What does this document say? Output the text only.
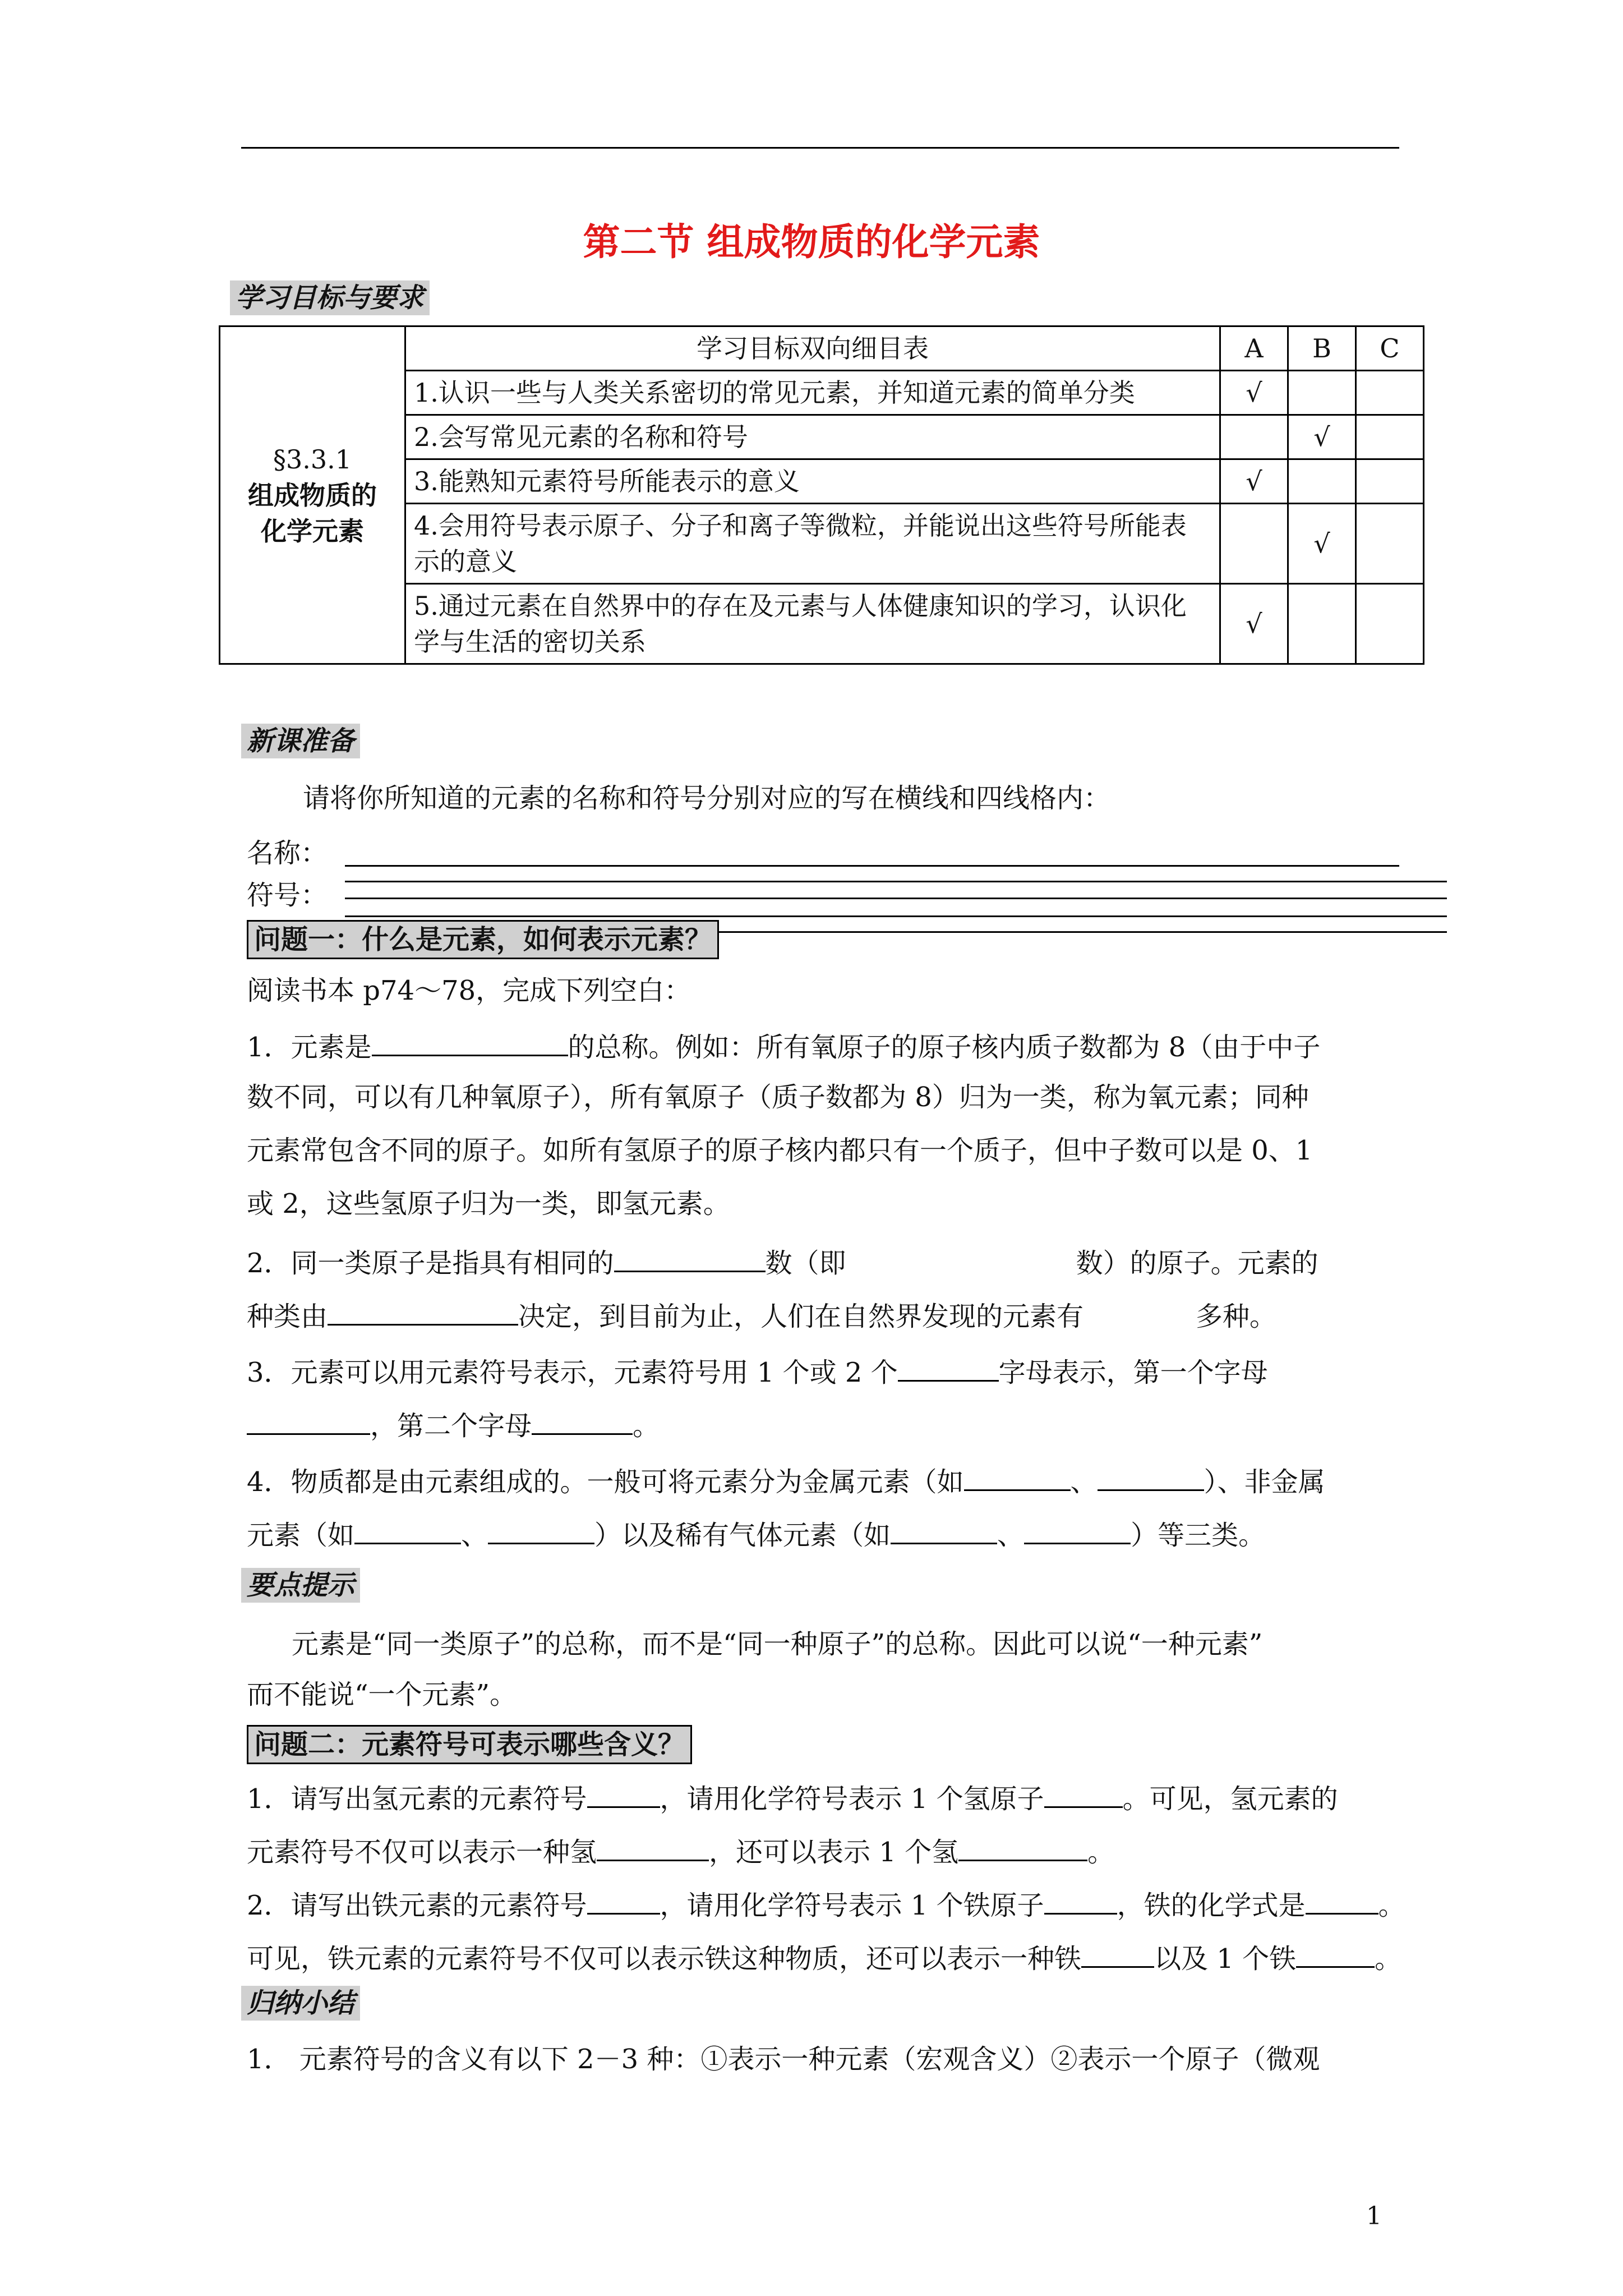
第二节 组成物质的化学元素
学习目标与要求
§3.3.1
组成物质的
化学元素	学习目标双向细目表	A	B	C
	1.认识一些与人类关系密切的常见元素，并知道元素的简单分类	√		
	2.会写常见元素的名称和符号		√	
	3.能熟知元素符号所能表示的意义	√		
	4.会用符号表示原子、分子和离子等微粒，并能说出这些符号所能表示的意义		√	
	5.通过元素在自然界中的存在及元素与人体健康知识的学习，认识化学与生活的密切关系	√		
新课准备
请将你所知道的元素的名称和符号分别对应的写在横线和四线格内：
名称：
符号：
问题一：什么是元素，如何表示元素？
阅读书本 p74～78，完成下列空白：
1．元素是	的总称。例如：所有氧原子的原子核内质子数都为 8（由于中子
数不同，可以有几种氧原子），所有氧原子（质子数都为 8）归为一类，称为氧元素；同种
元素常包含不同的原子。如所有氢原子的原子核内都只有一个质子，但中子数可以是 0、1
或 2，这些氢原子归为一类，即氢元素。
2．同一类原子是指具有相同的	数（即	数）的原子。元素的
种类由	决定，到目前为止，人们在自然界发现的元素有	多种。
3．元素可以用元素符号表示，元素符号用 1 个或 2 个	字母表示，第一个字母
，第二个字母	。
4．物质都是由元素组成的。一般可将元素分为金属元素（如	、	）、非金属
元素（如	、	）以及稀有气体元素（如	、	）等三类。
要点提示
元素是“同一类原子”的总称，而不是“同一种原子”的总称。因此可以说“一种元素”
而不能说“一个元素”。
问题二：元素符号可表示哪些含义？
1．请写出氢元素的元素符号	，请用化学符号表示 1 个氢原子	。可见，氢元素的
元素符号不仅可以表示一种氢	，还可以表示 1 个氢	。
2．请写出铁元素的元素符号	，请用化学符号表示 1 个铁原子	，铁的化学式是	。
可见，铁元素的元素符号不仅可以表示铁这种物质，还可以表示一种铁	以及 1 个铁	。
归纳小结
1． 元素符号的含义有以下 2－3 种：①表示一种元素（宏观含义）②表示一个原子（微观
1
